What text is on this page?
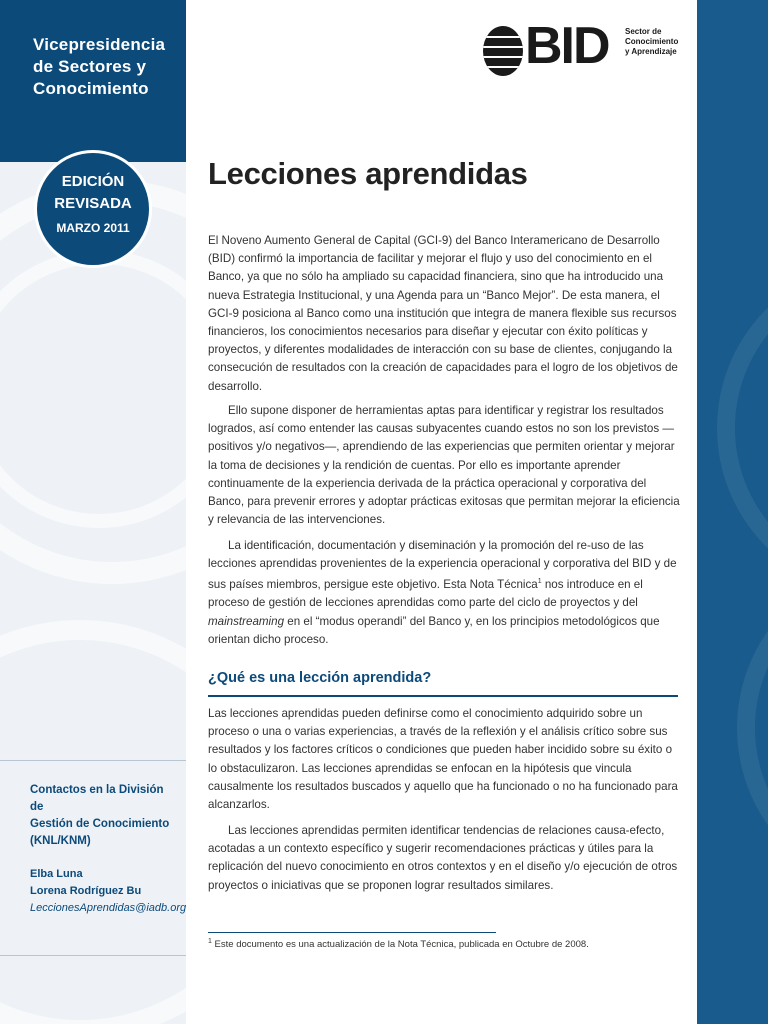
Vicepresidencia
de Sectores y
Conocimiento
Contactos en la División de
Gestión de Conocimiento
(KNL/KNM)
Elba Luna
Lorena Rodríguez Bu
LeccionesAprendidas@iadb.org
EDICIÓN
REVISADA
MARZO 2011
BID Sector de
Conocimiento
y Aprendizaje
Lecciones aprendidas

El Noveno Aumento General de Capital (GCI-9) del Banco Interamericano de Desarrollo (BID) confirmó la importancia de facilitar y mejorar el flujo y uso del conocimiento en el Banco, ya que no sólo ha ampliado su capacidad financiera, sino que ha introducido una nueva Estrategia Institucional, y una Agenda para un “Banco Mejor”. De esta manera, el GCI-9 posiciona al Banco como una institución que integra de manera flexible sus recursos financieros, los conocimientos necesarios para diseñar y ejecutar con éxito políticas y proyectos, y diferentes modalidades de interacción con su base de clientes, conjugando la consecución de resultados con la creación de capacidades para el logro de los objetivos de desarrollo.

Ello supone disponer de herramientas aptas para identificar y registrar los resultados logrados, así como entender las causas subyacentes cuando estos no son los previstos —positivos y/o negativos—, aprendiendo de las experiencias que permiten orientar y mejorar la toma de decisiones y la rendición de cuentas. Por ello es importante aprender continuamente de la experiencia derivada de la práctica operacional y corporativa del Banco, para prevenir errores y adoptar prácticas exitosas que permitan mejorar la eficiencia y relevancia de las intervenciones.

La identificación, documentación y diseminación y la promoción del re-uso de las lecciones aprendidas provenientes de la experiencia operacional y corporativa del BID y de sus países miembros, persigue este objetivo. Esta Nota Técnica$^1$ nos introduce en el proceso de gestión de lecciones aprendidas como parte del ciclo de proyectos y del mainstreaming en el “modus operandi” del Banco y, en los principios metodológicos que orientan dicho proceso.

¿Qué es una lección aprendida?

Las lecciones aprendidas pueden definirse como el conocimiento adquirido sobre un proceso o una o varias experiencias, a través de la reflexión y el análisis crítico sobre sus resultados y los factores críticos o condiciones que pueden haber incidido sobre su éxito o lo obstaculizaron. Las lecciones aprendidas se enfocan en la hipótesis que vincula causalmente los resultados buscados y aquello que ha funcionado o no ha funcionado para alcanzarlos.

Las lecciones aprendidas permiten identificar tendencias de relaciones causa-efecto, acotadas a un contexto específico y sugerir recomendaciones prácticas y útiles para la replicación del nuevo conocimiento en otros contextos y en el diseño y/o ejecución de otros proyectos o iniciativas que se proponen lograr resultados similares.

$^1$ Este documento es una actualización de la Nota Técnica, publicada en Octubre de 2008.
